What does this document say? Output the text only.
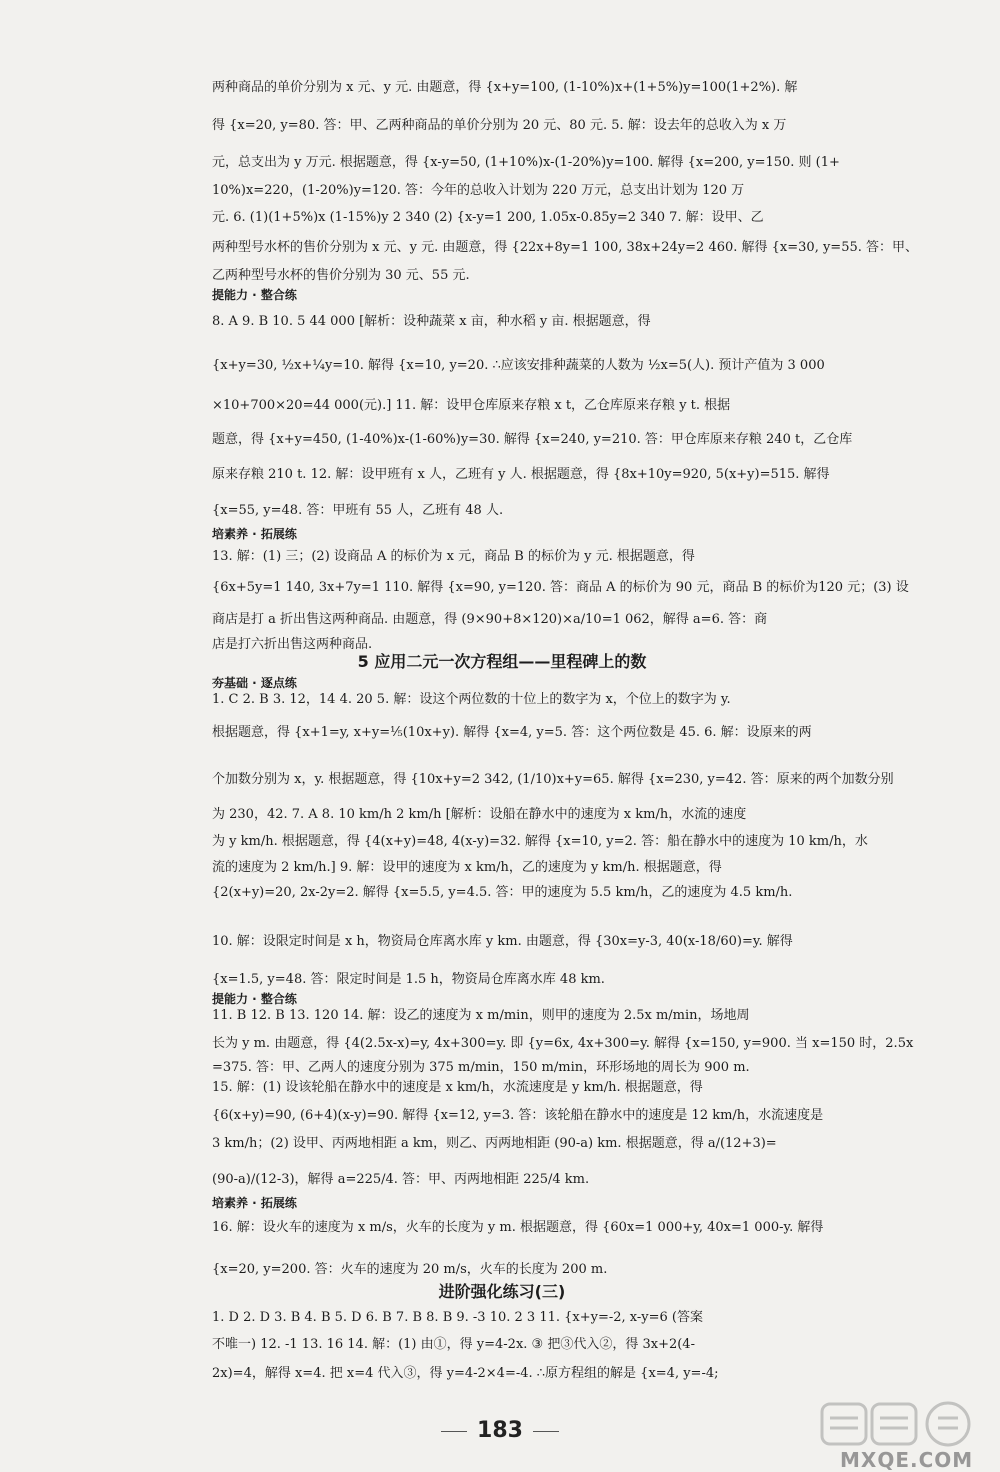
两种商品的单价分别为 x 元、y 元. 由题意，得 {x+y=100, (1-10%)x+(1+5%)y=100(1+2%). 解
得 {x=20, y=80. 答：甲、乙两种商品的单价分别为 20 元、80 元. 5. 解：设去年的总收入为 x 万
元，总支出为 y 万元. 根据题意，得 {x-y=50, (1+10%)x-(1-20%)y=100. 解得 {x=200, y=150. 则 (1+
10%)x=220，(1-20%)y=120. 答：今年的总收入计划为 220 万元，总支出计划为 120 万
元. 6. (1)(1+5%)x (1-15%)y 2 340 (2) {x-y=1 200, 1.05x-0.85y=2 340 7. 解：设甲、乙
两种型号水杯的售价分别为 x 元、y 元. 由题意，得 {22x+8y=1 100, 38x+24y=2 460. 解得 {x=30, y=55. 答：甲、
乙两种型号水杯的售价分别为 30 元、55 元.
提能力 · 整合练
8. A 9. B 10. 5 44 000 [解析：设种蔬菜 x 亩，种水稻 y 亩. 根据题意，得
{x+y=30, ½x+¼y=10. 解得 {x=10, y=20. ∴应该安排种蔬菜的人数为 ½x=5(人). 预计产值为 3 000
×10+700×20=44 000(元).] 11. 解：设甲仓库原来存粮 x t，乙仓库原来存粮 y t. 根据
题意，得 {x+y=450, (1-40%)x-(1-60%)y=30. 解得 {x=240, y=210. 答：甲仓库原来存粮 240 t，乙仓库
原来存粮 210 t. 12. 解：设甲班有 x 人，乙班有 y 人. 根据题意，得 {8x+10y=920, 5(x+y)=515. 解得
{x=55, y=48. 答：甲班有 55 人，乙班有 48 人.
培素养 · 拓展练
13. 解：(1) 三；(2) 设商品 A 的标价为 x 元，商品 B 的标价为 y 元. 根据题意，得
{6x+5y=1 140, 3x+7y=1 110. 解得 {x=90, y=120. 答：商品 A 的标价为 90 元，商品 B 的标价为120 元；(3) 设
商店是打 a 折出售这两种商品. 由题意，得 (9×90+8×120)×a/10=1 062，解得 a=6. 答：商
店是打六折出售这两种商品.
5 应用二元一次方程组——里程碑上的数
夯基础 · 逐点练
1. C 2. B 3. 12，14 4. 20 5. 解：设这个两位数的十位上的数字为 x，个位上的数字为 y.
根据题意，得 {x+1=y, x+y=⅕(10x+y). 解得 {x=4, y=5. 答：这个两位数是 45. 6. 解：设原来的两
个加数分别为 x，y. 根据题意，得 {10x+y=2 342, (1/10)x+y=65. 解得 {x=230, y=42. 答：原来的两个加数分别
为 230，42. 7. A 8. 10 km/h 2 km/h [解析：设船在静水中的速度为 x km/h，水流的速度
为 y km/h. 根据题意，得 {4(x+y)=48, 4(x-y)=32. 解得 {x=10, y=2. 答：船在静水中的速度为 10 km/h，水
流的速度为 2 km/h.] 9. 解：设甲的速度为 x km/h，乙的速度为 y km/h. 根据题意，得
{2(x+y)=20, 2x-2y=2. 解得 {x=5.5, y=4.5. 答：甲的速度为 5.5 km/h，乙的速度为 4.5 km/h.
10. 解：设限定时间是 x h，物资局仓库离水库 y km. 由题意，得 {30x=y-3, 40(x-18/60)=y. 解得
{x=1.5, y=48. 答：限定时间是 1.5 h，物资局仓库离水库 48 km.
提能力 · 整合练
11. B 12. B 13. 120 14. 解：设乙的速度为 x m/min，则甲的速度为 2.5x m/min，场地周
长为 y m. 由题意，得 {4(2.5x-x)=y, 4x+300=y. 即 {y=6x, 4x+300=y. 解得 {x=150, y=900. 当 x=150 时，2.5x
=375. 答：甲、乙两人的速度分别为 375 m/min，150 m/min，环形场地的周长为 900 m.
15. 解：(1) 设该轮船在静水中的速度是 x km/h，水流速度是 y km/h. 根据题意，得
{6(x+y)=90, (6+4)(x-y)=90. 解得 {x=12, y=3. 答：该轮船在静水中的速度是 12 km/h，水流速度是
3 km/h；(2) 设甲、丙两地相距 a km，则乙、丙两地相距 (90-a) km. 根据题意，得 a/(12+3)=
(90-a)/(12-3)，解得 a=225/4. 答：甲、丙两地相距 225/4 km.
培素养 · 拓展练
16. 解：设火车的速度为 x m/s，火车的长度为 y m. 根据题意，得 {60x=1 000+y, 40x=1 000-y. 解得
{x=20, y=200. 答：火车的速度为 20 m/s，火车的长度为 200 m.
进阶强化练习(三)
1. D 2. D 3. B 4. B 5. D 6. B 7. B 8. B 9. -3 10. 2 3 11. {x+y=-2, x-y=6 (答案
不唯一) 12. -1 13. 16 14. 解：(1) 由①，得 y=4-2x. ③ 把③代入②，得 3x+2(4-
2x)=4，解得 x=4. 把 x=4 代入③，得 y=4-2×4=-4. ∴原方程组的解是 {x=4, y=-4;
183
MXQE.COM
